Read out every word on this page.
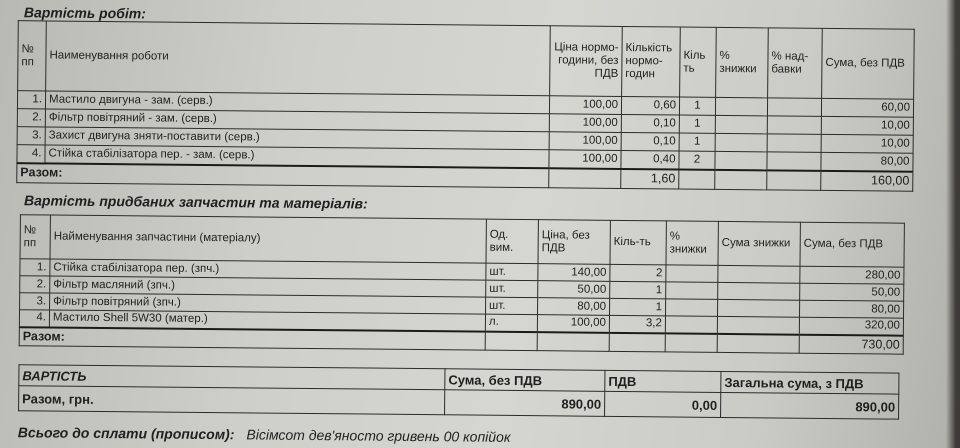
Вартість робіт:
№ пп	Наименування роботи	Ціна нормо-години, без ПДВ	Кількість нормо-годин	Кіль ть	% знижки	% над-бавки	Сума, без ПДВ
1.	Мастило двигуна - зам. (серв.)	100,00	0,60	1			60,00
2.	Фільтр повітряний - зам. (серв.)	100,00	0,10	1			10,00
3.	Захист двигуна зняти-поставити (серв.)	100,00	0,10	1			10,00
4.	Стійка стабілізатора пер. - зам. (серв.)	100,00	0,40	2			80,00
Разом:			1,60				160,00
Вартість придбаних запчастин та матеріалів:
№ пп	Найменування запчастини (матеріалу)	Од. вим.	Ціна, без ПДВ	Кіль-ть	% знижки	Сума знижки	Сума, без ПДВ
1.	Стійка стабілізатора пер. (зпч.)	шт.	140,00	2			280,00
2.	Фільтр масляний (зпч.)	шт.	50,00	1			50,00
3.	Фільтр повітряний (зпч.)	шт.	80,00	1			80,00
4.	Мастило Shell 5W30 (матер.)	л.	100,00	3,2			320,00
Разом:							730,00
ВАРТІСТЬ	Сума, без ПДВ	ПДВ	Загальна сума, з ПДВ
Разом, грн.	890,00	0,00	890,00
Всього до сплати (прописом): Вісімсот дев'яносто гривень 00 копійок
